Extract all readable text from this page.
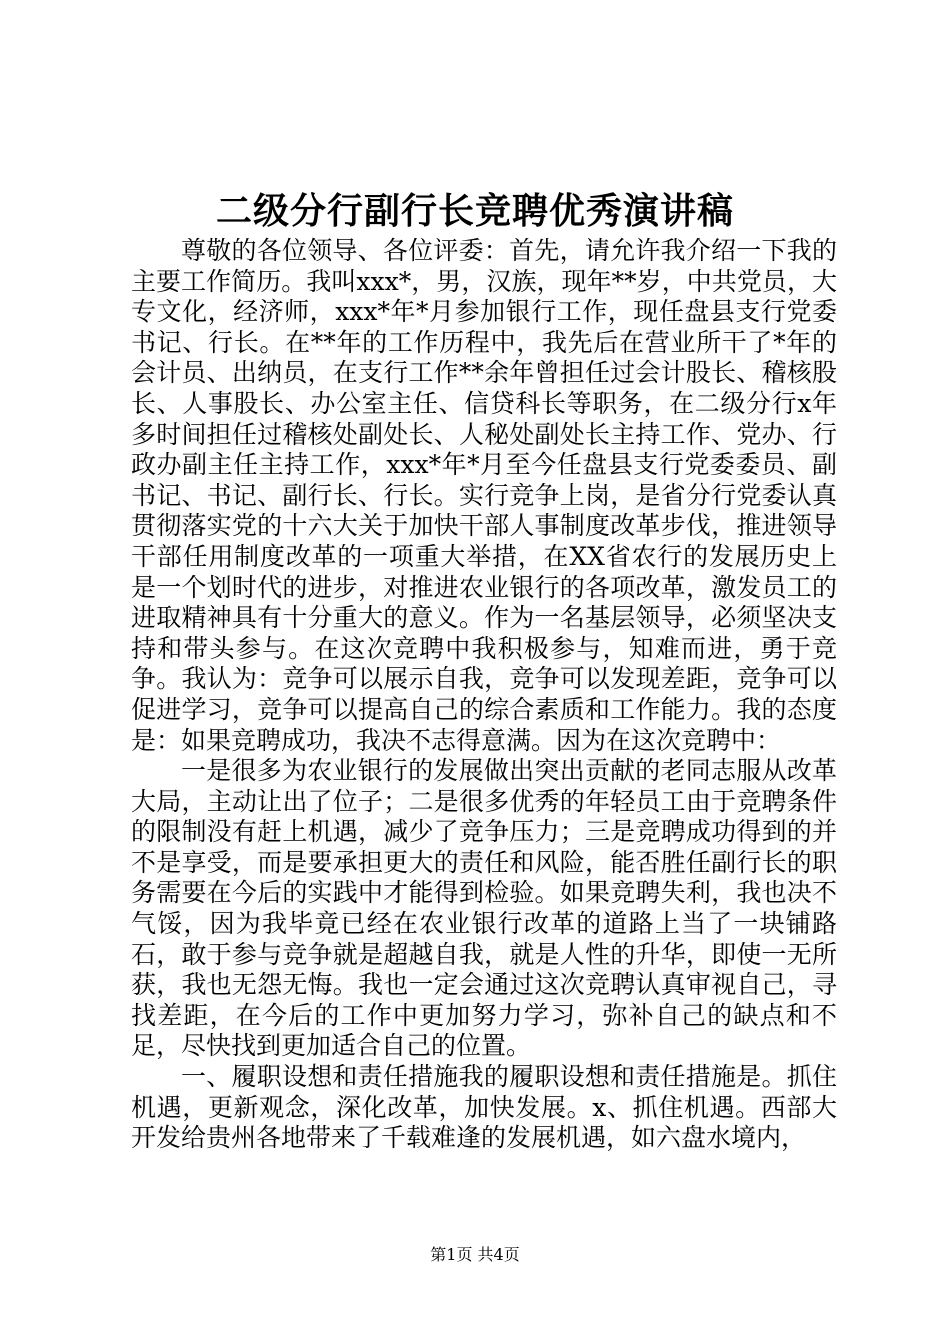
二级分行副行长竞聘优秀演讲稿

尊敬的各位领导、各位评委：首先，请允许我介绍一下我的主要工作简历。我叫xxx*，男，汉族，现年**岁，中共党员，大专文化，经济师，xxx*年*月参加银行工作，现任盘县支行党委书记、行长。在**年的工作历程中，我先后在营业所干了*年的会计员、出纳员，在支行工作**余年曾担任过会计股长、稽核股长、人事股长、办公室主任、信贷科长等职务，在二级分行x年多时间担任过稽核处副处长、人秘处副处长主持工作、党办、行政办副主任主持工作，xxx*年*月至今任盘县支行党委委员、副书记、书记、副行长、行长。实行竞争上岗，是省分行党委认真贯彻落实党的十六大关于加快干部人事制度改革步伐，推进领导干部任用制度改革的一项重大举措，在XX省农行的发展历史上是一个划时代的进步，对推进农业银行的各项改革，激发员工的进取精神具有十分重大的意义。作为一名基层领导，必须坚决支持和带头参与。在这次竞聘中我积极参与，知难而进，勇于竞争。我认为：竞争可以展示自我，竞争可以发现差距，竞争可以促进学习，竞争可以提高自己的综合素质和工作能力。我的态度是：如果竞聘成功，我决不志得意满。因为在这次竞聘中：

一是很多为农业银行的发展做出突出贡献的老同志服从改革大局，主动让出了位子；二是很多优秀的年轻员工由于竞聘条件的限制没有赶上机遇，减少了竞争压力；三是竞聘成功得到的并不是享受，而是要承担更大的责任和风险，能否胜任副行长的职务需要在今后的实践中才能得到检验。如果竞聘失利，我也决不气馁，因为我毕竟已经在农业银行改革的道路上当了一块铺路石，敢于参与竞争就是超越自我，就是人性的升华，即使一无所获，我也无怨无悔。我也一定会通过这次竞聘认真审视自己，寻找差距，在今后的工作中更加努力学习，弥补自己的缺点和不足，尽快找到更加适合自己的位置。

一、履职设想和责任措施我的履职设想和责任措施是。抓住机遇，更新观念，深化改革，加快发展。x、抓住机遇。西部大开发给贵州各地带来了千载难逢的发展机遇，如六盘水境内，

第1页 共4页
